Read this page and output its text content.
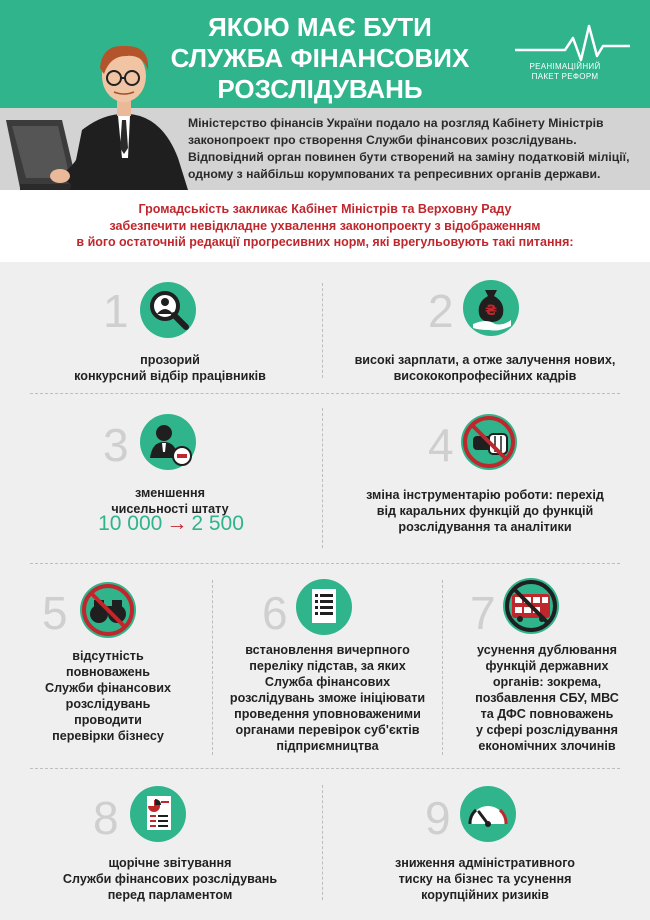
ЯКОЮ МАЄ БУТИ
СЛУЖБА ФІНАНСОВИХ
РОЗСЛІДУВАНЬ
РЕАНІМАЦІЙНИЙ
ПАКЕТ РЕФОРМ
Міністерство фінансів України подало на розгляд Кабінету Міністрів
законопроект про створення Служби фінансових розслідувань.
Відповідний орган повинен бути створений на заміну податковій міліції,
одному з найбільш корумпованих та репресивних органів держави.
Громадськість закликає Кабінет Міністрів та Верховну Раду
забезпечити невідкладне ухвалення законопроекту з відображенням
в його остаточній редакції прогресивних норм, які врегульовують такі питання:
1
прозорий
конкурсний відбір працівників
2 ₴
високі зарплати, а отже залучення нових,
висококопрофесійних кадрів
3
зменшення
чисельності штату
10 000 → 2 500
4
зміна інструментарію роботи: перехід
від каральних функцій до функцій
розслідування та аналітики
5
відсутність
повноважень
Служби фінансових
розслідувань
проводити
перевірки бізнесу
6
встановлення вичерпного
переліку підстав, за яких
Служба фінансових
розслідувань зможе ініціювати
проведення уповноваженими
органами перевірок суб'єктів
підприємництва
7
усунення дублювання
функцій державних
органів: зокрема,
позбавлення СБУ, МВС
та ДФС повноважень
у сфері розслідування
економічних злочинів
8
щорічне звітування
Служби фінансових розслідувань
перед парламентом
9
зниження адміністративного
тиску на бізнес та усунення
корупційних ризиків
